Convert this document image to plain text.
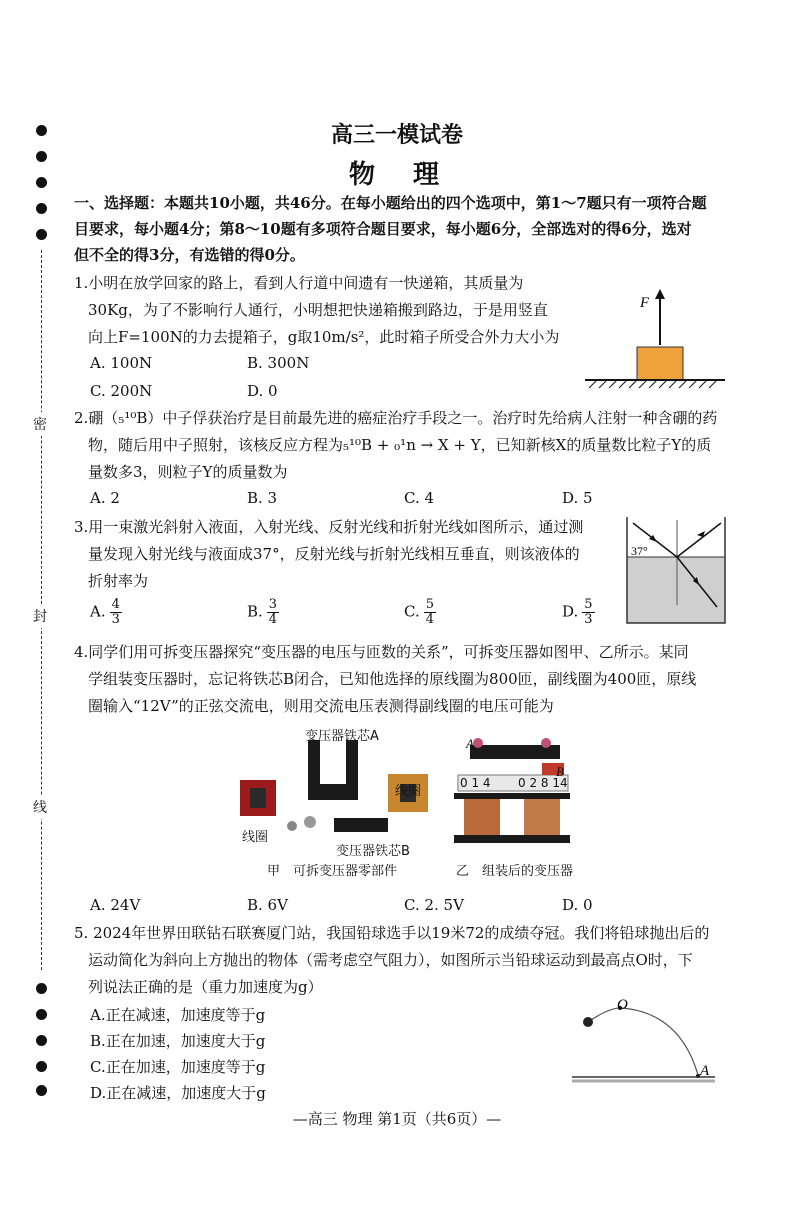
密
封
线
高三一模试卷
物　理
一、选择题：本题共10小题，共46分。在每小题给出的四个选项中，第1～7题只有一项符合题
目要求，每小题4分；第8～10题有多项符合题目要求，每小题6分，全部选对的得6分，选对
但不全的得3分，有选错的得0分。
1.小明在放学回家的路上，看到人行道中间遗有一快递箱，其质量为
30Kg，为了不影响行人通行，小明想把快递箱搬到路边，于是用竖直
向上F=100N的力去提箱子，g取10m/s²，此时箱子所受合外力大小为
A. 100N	B. 300N
C. 200N	D. 0
F
2.硼（₅¹⁰B）中子俘获治疗是目前最先进的癌症治疗手段之一。治疗时先给病人注射一种含硼的药
物，随后用中子照射，该核反应方程为₅¹⁰B + ₀¹n → X + Y，已知新核X的质量数比粒子Y的质
量数多3，则粒子Y的质量数为
A. 2	B. 3	C. 4	D. 5
3.用一束激光斜射入液面，入射光线、反射光线和折射光线如图所示，通过测
量发现入射光线与液面成37°，反射光线与折射光线相互垂直，则该液体的
折射率为
A. $\frac{4}{3}$	B. $\frac{3}{4}$	C. $\frac{5}{4}$	D. $\frac{5}{3}$
37°
4.同学们用可拆变压器探究“变压器的电压与匝数的关系”，可拆变压器如图甲、乙所示。某同
学组装变压器时，忘记将铁芯B闭合，已知他选择的原线圈为800匝，副线圈为400匝，原线
圈输入“12V”的正弦交流电，则用交流电压表测得副线圈的电压可能为
变压器铁芯A
线圈
线圈
变压器铁芯B
甲　可拆变压器零部件
A
B
0 1 4 0 2 8 14
乙　组装后的变压器
A. 24V	B. 6V	C. 2. 5V	D. 0
5. 2024年世界田联钻石联赛厦门站，我国铅球选手以19米72的成绩夺冠。我们将铅球抛出后的
运动简化为斜向上方抛出的物体（需考虑空气阻力），如图所示当铅球运动到最高点O时，下
列说法正确的是（重力加速度为g）
A.正在减速，加速度等于g
B.正在加速，加速度大于g
C.正在加速，加速度等于g
D.正在减速，加速度大于g
O
A
—高三 物理 第1页（共6页）—
